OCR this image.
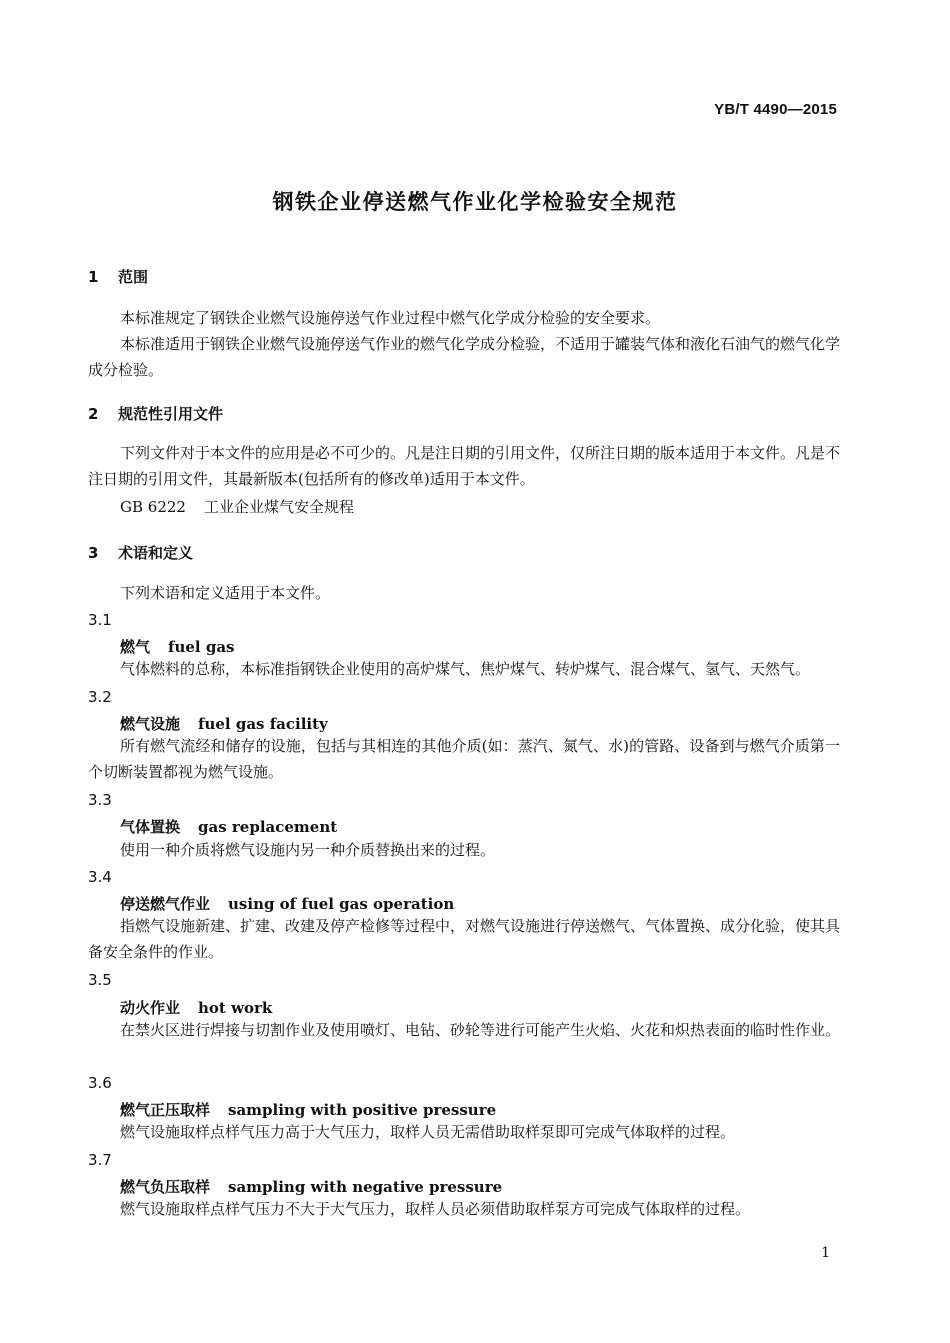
YB/T 4490—2015
钢铁企业停送燃气作业化学检验安全规范
1 范围
本标准规定了钢铁企业燃气设施停送气作业过程中燃气化学成分检验的安全要求。
本标准适用于钢铁企业燃气设施停送气作业的燃气化学成分检验，不适用于罐装气体和液化石油气的燃气化学成分检验。
2 规范性引用文件
下列文件对于本文件的应用是必不可少的。凡是注日期的引用文件，仅所注日期的版本适用于本文件。凡是不注日期的引用文件，其最新版本(包括所有的修改单)适用于本文件。
GB 6222 工业企业煤气安全规程
3 术语和定义
下列术语和定义适用于本文件。
3.1
燃气 fuel gas
气体燃料的总称，本标准指钢铁企业使用的高炉煤气、焦炉煤气、转炉煤气、混合煤气、氢气、天然气。
3.2
燃气设施 fuel gas facility
所有燃气流经和储存的设施，包括与其相连的其他介质(如：蒸汽、氮气、水)的管路、设备到与燃气介质第一个切断装置都视为燃气设施。
3.3
气体置换 gas replacement
使用一种介质将燃气设施内另一种介质替换出来的过程。
3.4
停送燃气作业 using of fuel gas operation
指燃气设施新建、扩建、改建及停产检修等过程中，对燃气设施进行停送燃气、气体置换、成分化验，使其具备安全条件的作业。
3.5
动火作业 hot work
在禁火区进行焊接与切割作业及使用喷灯、电钻、砂轮等进行可能产生火焰、火花和炽热表面的临时性作业。
3.6
燃气正压取样 sampling with positive pressure
燃气设施取样点样气压力高于大气压力，取样人员无需借助取样泵即可完成气体取样的过程。
3.7
燃气负压取样 sampling with negative pressure
燃气设施取样点样气压力不大于大气压力，取样人员必须借助取样泵方可完成气体取样的过程。
1
